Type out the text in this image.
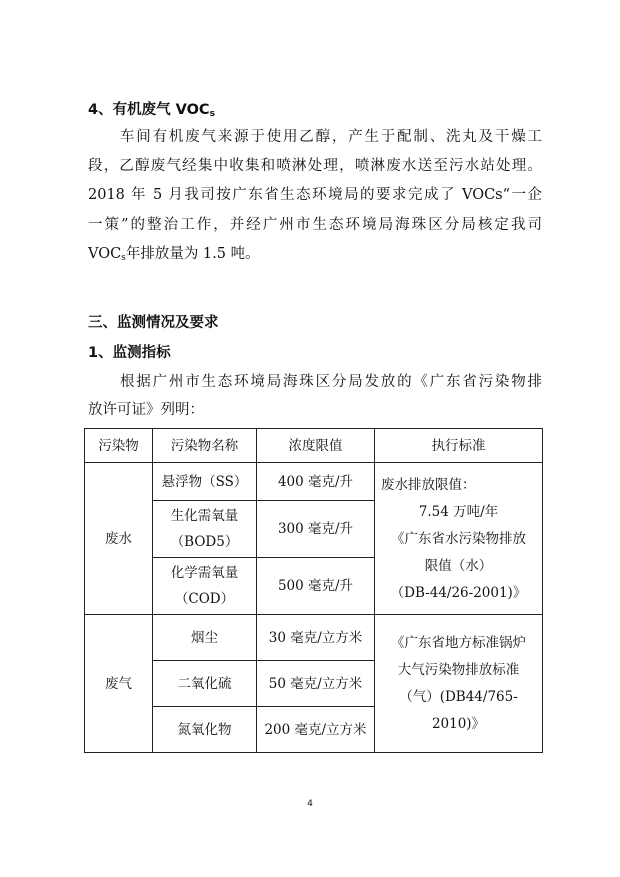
4、有机废气 $VOC_s$
车间有机废气来源于使用乙醇，产生于配制、洗丸及干燥工
段，乙醇废气经集中收集和喷淋处理，喷淋废水送至污水站处理。
2018 年 5 月我司按广东省生态环境局的要求完成了 VOCs“一企
一策”的整治工作，并经广州市生态环境局海珠区分局核定我司
$VOC_s$年排放量为 1.5 吨。
三、监测情况及要求
1、监测指标
根据广州市生态环境局海珠区分局发放的《广东省污染物排
放许可证》列明：
污染物	污染物名称	浓度限值	执行标准
废水	悬浮物（SS）	400 毫克/升	废水排放限值：
7.54 万吨/年
《广东省水污染物排放
限值（水）
（DB-44/26-2001)》

	生化需氧量
（BOD5）	300 毫克/升	
	化学需氧量
（COD）	500 毫克/升	
废气	烟尘	30 毫克/立方米	《广东省地方标准锅炉
大气污染物排放标准
（气）(DB44/765-2010)》

	二氧化硫	50 毫克/立方米	
	氮氧化物	200 毫克/立方米	
4
